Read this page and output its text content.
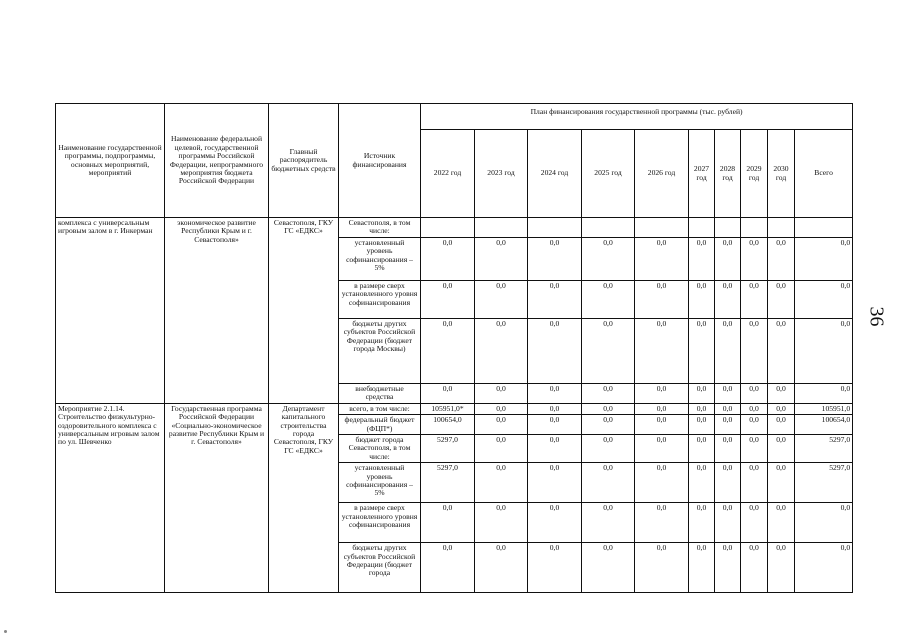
36
Наименование государственной программы, подпрограммы, основных мероприятий, мероприятий	Наименование федеральной целевой, государственной программы Российской Федерации, непрограммного мероприятия бюджета Российской Федерации	Главный распорядитель бюджетных средств	Источник финансирования	План финансирования государственной программы (тыс. рублей)									
				2022 год	2023 год	2024 год	2025 год	2026 год	2027 год	2028 год	2029 год	2030 год	Всего
комплекса с универсальным игровым залом в г. Инкерман	экономическое развитие Республики Крым и г. Севастополя»	Севастополя, ГКУ ГС «ЕДКС»	Севастополя, в том числе:										
			установленный уровень софинансирования – 5%	0,0	0,0	0,0	0,0	0,0	0,0	0,0	0,0	0,0	0,0
			в размере сверх установленного уровня софинансирования	0,0	0,0	0,0	0,0	0,0	0,0	0,0	0,0	0,0	0,0
			бюджеты других субъектов Российской Федерации (бюджет города Москвы)	0,0	0,0	0,0	0,0	0,0	0,0	0,0	0,0	0,0	0,0
			внебюджетные средства	0,0	0,0	0,0	0,0	0,0	0,0	0,0	0,0	0,0	0,0
Мероприятие 2.1.14. Строительство физкультурно-оздоровительного комплекса с универсальным игровым залом по ул. Шевченко	Государственная программа Российской Федерации «Социально-экономическое развитие Республики Крым и г. Севастополя»	Департамент капитального строительства города Севастополя, ГКУ ГС «ЕДКС»	всего, в том числе:	105951,0*	0,0	0,0	0,0	0,0	0,0	0,0	0,0	0,0	105951,0
			федеральный бюджет (ФЦП*)	100654,0	0,0	0,0	0,0	0,0	0,0	0,0	0,0	0,0	100654,0
			бюджет города Севастополя, в том числе:	5297,0	0,0	0,0	0,0	0,0	0,0	0,0	0,0	0,0	5297,0
			установленный уровень софинансирования – 5%	5297,0	0,0	0,0	0,0	0,0	0,0	0,0	0,0	0,0	5297,0
			в размере сверх установленного уровня софинансирования	0,0	0,0	0,0	0,0	0,0	0,0	0,0	0,0	0,0	0,0
			бюджеты других субъектов Российской Федерации (бюджет города	0,0	0,0	0,0	0,0	0,0	0,0	0,0	0,0	0,0	0,0
